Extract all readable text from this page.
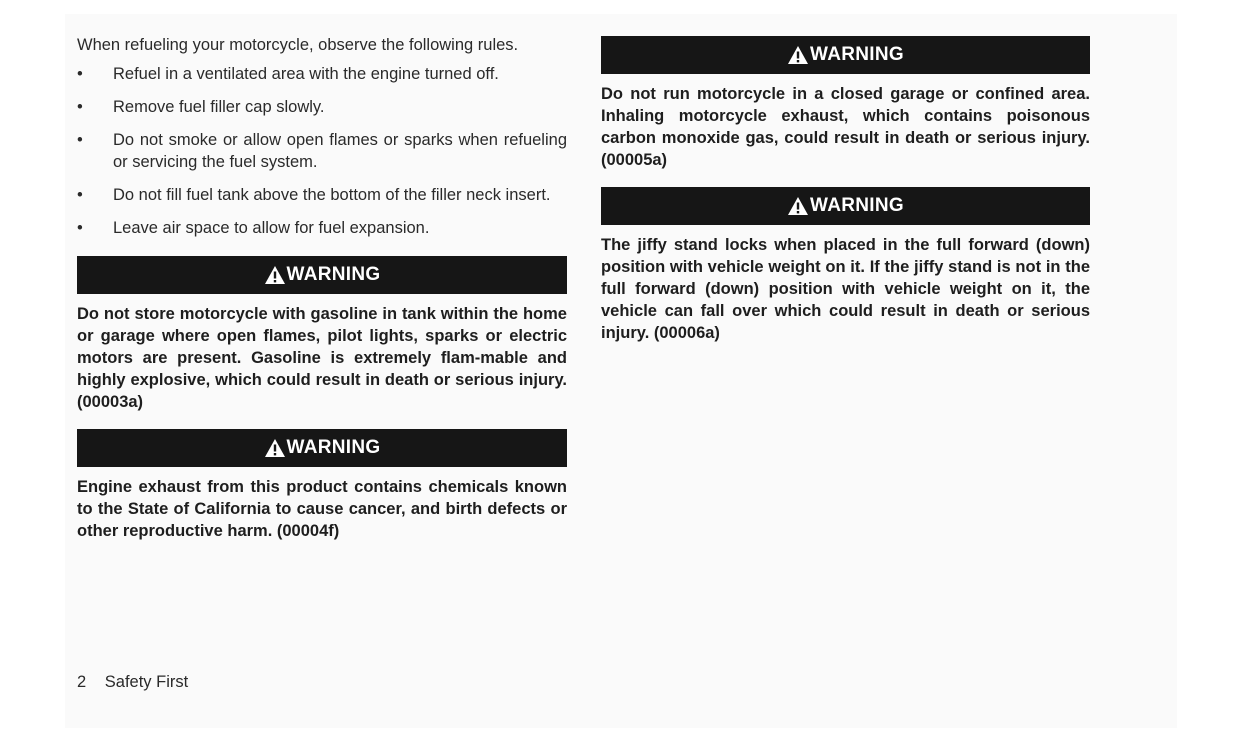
When refueling your motorcycle, observe the following rules.

• Refuel in a ventilated area with the engine turned off.
• Remove fuel filler cap slowly.
• Do not smoke or allow open flames or sparks when refueling or servicing the fuel system.
• Do not fill fuel tank above the bottom of the filler neck insert.
• Leave air space to allow for fuel expansion.
WARNING

Do not store motorcycle with gasoline in tank within the home or garage where open flames, pilot lights, sparks or electric motors are present. Gasoline is extremely flam-mable and highly explosive, which could result in death or serious injury. (00003a)

WARNING

Engine exhaust from this product contains chemicals known to the State of California to cause cancer, and birth defects or other reproductive harm. (00004f)

WARNING

Do not run motorcycle in a closed garage or confined area. Inhaling motorcycle exhaust, which contains poisonous carbon monoxide gas, could result in death or serious injury. (00005a)

WARNING

The jiffy stand locks when placed in the full forward (down) position with vehicle weight on it. If the jiffy stand is not in the full forward (down) position with vehicle weight on it, the vehicle can fall over which could result in death or serious injury. (00006a)

2 Safety First
